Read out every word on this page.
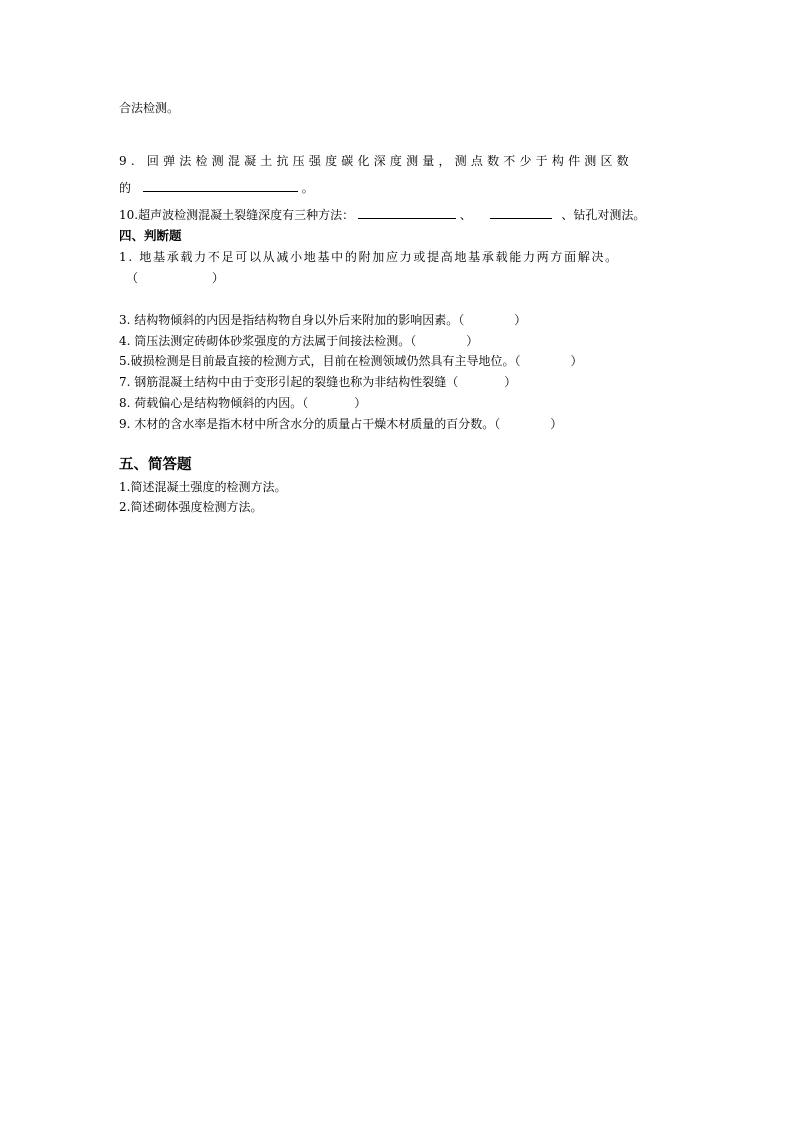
合法检测。
9. 回弹法检测混凝土抗压强度碳化深度测量，测点数不少于构件测区数
的	。
10.超声波检测混凝土裂缝深度有三种方法：	、	、钻孔对测法。
四、判断题
1. 地基承载力不足可以从减小地基中的附加应力或提高地基承载能力两方面解决。
（	）
3. 结构物倾斜的内因是指结构物自身以外后来附加的影响因素。（	）
4. 筒压法测定砖砌体砂浆强度的方法属于间接法检测。（	）
5.破损检测是目前最直接的检测方式，目前在检测领域仍然具有主导地位。（	）
7. 钢筋混凝土结构中由于变形引起的裂缝也称为非结构性裂缝（	）
8. 荷载偏心是结构物倾斜的内因。（	）
9. 木材的含水率是指木材中所含水分的质量占干燥木材质量的百分数。（	）
五、简答题
1.简述混凝土强度的检测方法。
2.简述砌体强度检测方法。
